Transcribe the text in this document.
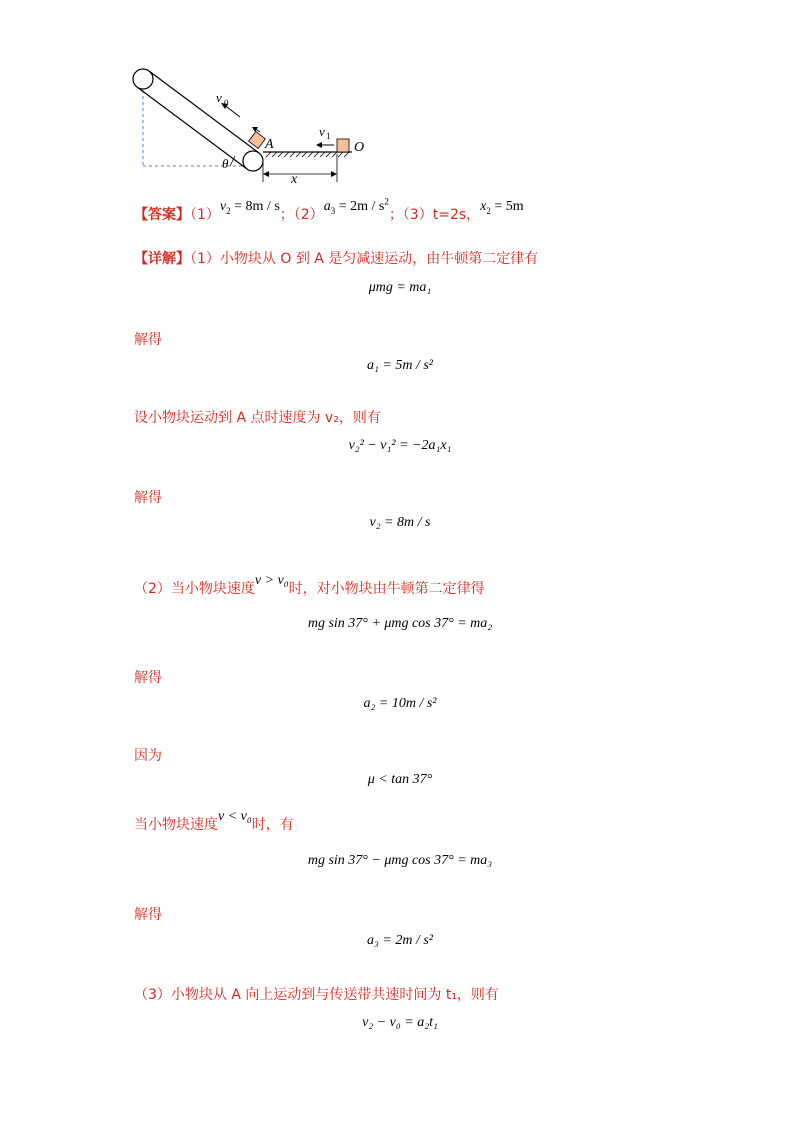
v 0
A	O
v 1
θ
x
【答案】$(1)v_2 = 8m / s$；$(2)a_3 = 2m / s^2$；（3）t=2s，$x_2 = 5m$
【详解】（1）小物块从 O 到 A 是匀减速运动，由牛顿第二定律有
μmg = ma₁
解得
a₁ = 5m / s²
设小物块运动到 A 点时速度为 v₂，则有
v₂² − v₁² = −2a₁x₁
解得
v₂ = 8m / s
（2）当小物块速度v > v₀时，对小物块由牛顿第二定律得
mg sin 37° + μmg cos 37° = ma₂
解得
a₂ = 10m / s²
因为
μ < tan 37°
当小物块速度v < v₀时，有
mg sin 37° − μmg cos 37° = ma₃
解得
a₃ = 2m / s²
（3）小物块从 A 向上运动到与传送带共速时间为 t₁，则有
v₂ − v₀ = a₂t₁
